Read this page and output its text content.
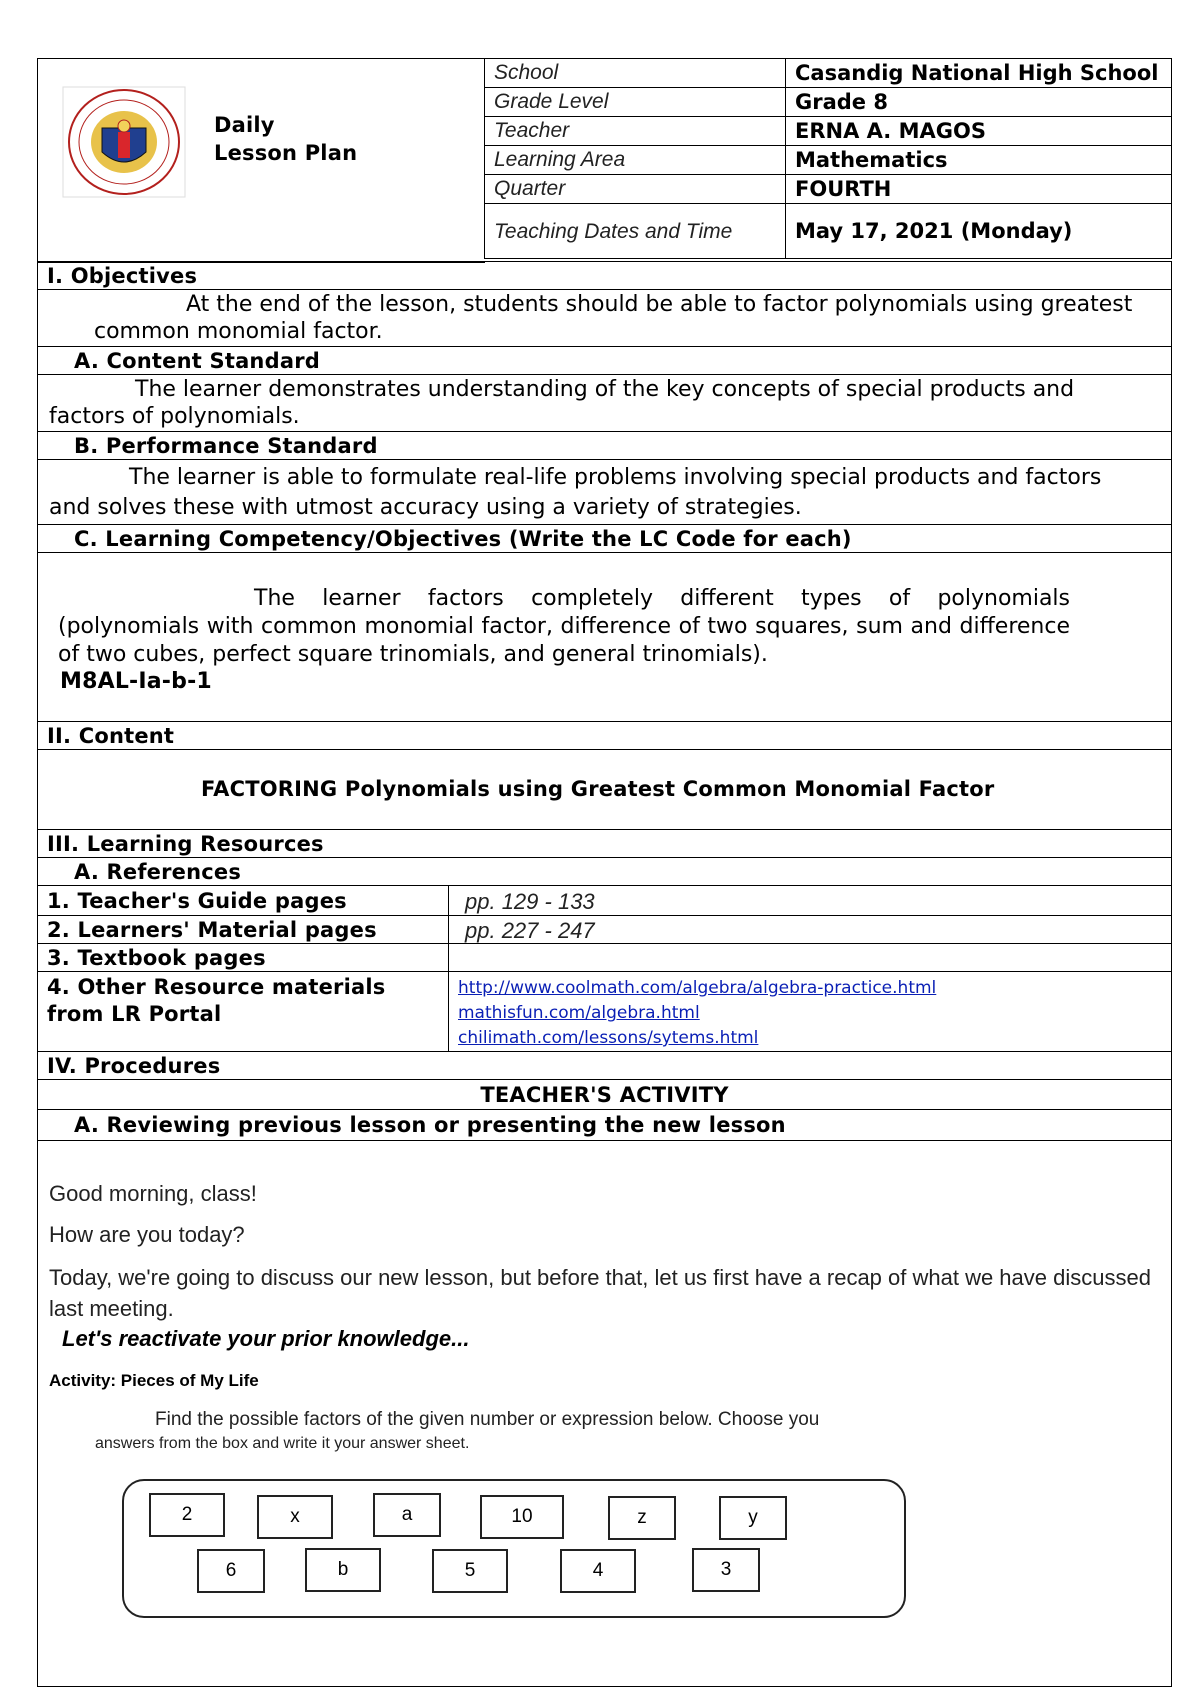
Daily
Lesson Plan
School	Casandig National High School
Grade Level	Grade 8
Teacher	ERNA A. MAGOS
Learning Area	Mathematics
Quarter	FOURTH
Teaching Dates and Time	May 17, 2021 (Monday)
I. Objectives
At the end of the lesson, students should be able to factor polynomials using greatest common monomial factor.
A. Content Standard
The learner demonstrates understanding of the key concepts of special products and factors of polynomials.
B. Performance Standard
The learner is able to formulate real-life problems involving special products and factors and solves these with utmost accuracy using a variety of strategies.
C. Learning Competency/Objectives (Write the LC Code for each)
The learner factors completely different types of polynomials (polynomials with common monomial factor, difference of two squares, sum and difference of two cubes, perfect square trinomials, and general trinomials).
M8AL-Ia-b-1
II. Content
FACTORING Polynomials using Greatest Common Monomial Factor
III. Learning Resources
A. References
1. Teacher's Guide pages	pp. 129 - 133
2. Learners' Material pages	pp. 227 - 247
3. Textbook pages
4. Other Resource materials from LR Portal
http://www.coolmath.com/algebra/algebra-practice.html
mathisfun.com/algebra.html
chilimath.com/lessons/sytems.html
IV. Procedures
TEACHER'S ACTIVITY
A. Reviewing previous lesson or presenting the new lesson
Good morning, class!
How are you today?
Today, we're going to discuss our new lesson, but before that, let us first have a recap of what we have discussed last meeting.
Let's reactivate your prior knowledge...
Activity: Pieces of My Life
Find the possible factors of the given number or expression below. Choose you
answers from the box and write it your answer sheet.
2	x	a	10	z	y
6	b	5	4	3
